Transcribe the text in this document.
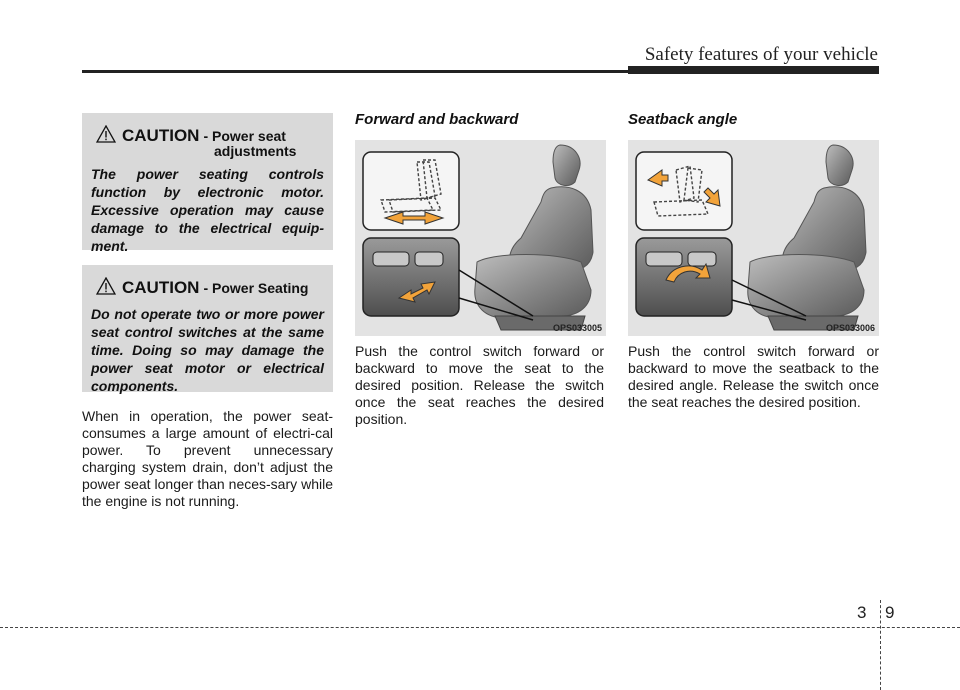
Safety features of your vehicle
CAUTION - Power seat
adjustments
The power seating controls function by electronic motor. Excessive operation may cause damage to the electrical equip-ment.
CAUTION - Power Seating
Do not operate two or more power seat control switches at the same time. Doing so may damage the power seat motor or electrical components.
When in operation, the power seat-consumes a large amount of electri-cal power. To prevent unnecessary charging system drain, don’t adjust the power seat longer than neces-sary while the engine is not running.
Forward and backward
OPS033005
Push the control switch forward or backward to move the seat to the desired position. Release the switch once the seat reaches the desired position.
Seatback angle
OPS033006
Push the control switch forward or backward to move the seatback to the desired angle. Release the switch once the seat reaches the desired position.
3 9
